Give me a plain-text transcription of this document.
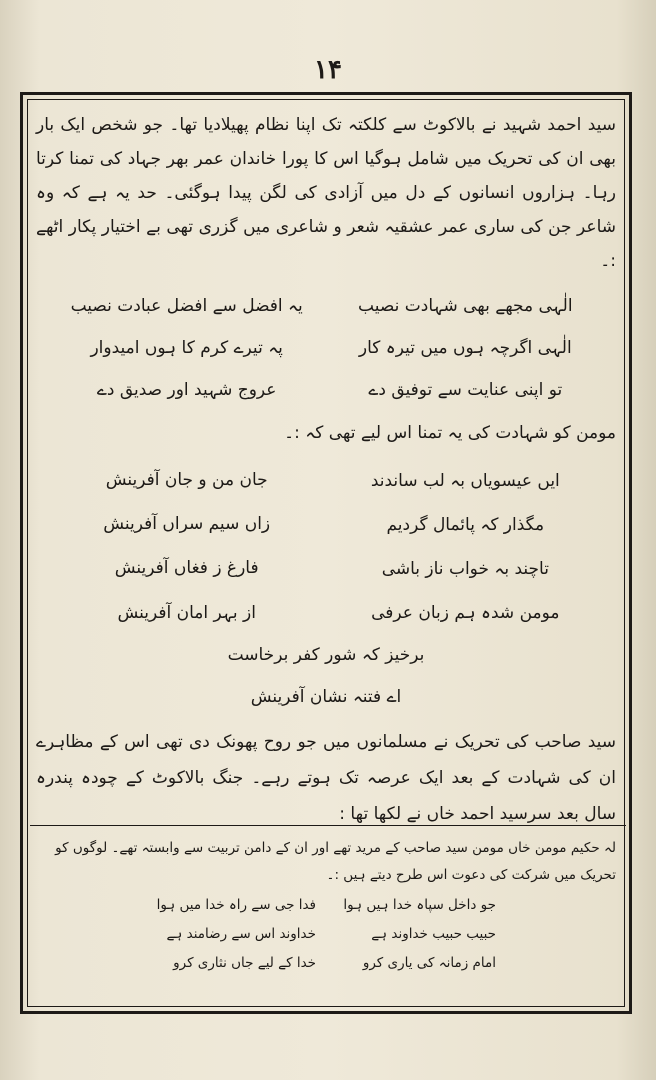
۱۴

سید احمد شہید نے بالاکوٹ سے کلکتہ تک اپنا نظام پھیلادیا تھا۔ جو شخص ایک بار بھی ان کی تحریک میں شامل ہوگیا اس کا پورا خاندان عمر بھر جہاد کی تمنا کرتا رہا۔ ہزاروں انسانوں کے دل میں آزادی کی لگن پیدا ہوگئی۔ حد یہ ہے کہ وہ شاعر جن کی ساری عمر عشقیہ شعر و شاعری میں گزری تھی بے اختیار پکار اٹھے :۔

الٰہی مجھے بھی شہادت نصیب
یہ افضل سے افضل عبادت نصیب
الٰہی اگرچہ ہوں میں تیرہ کار
پہ تیرے کرم کا ہوں امیدوار
تو اپنی عنایت سے توفیق دے
عروج شہید اور صدیق دے

مومن کو شہادت کی یہ تمنا اس لیے تھی کہ :۔

ایں عیسویاں بہ لب ساندند
جان من و جان آفرینش
مگذار کہ پائمال گردیم
زاں سیم سراں آفرینش
تاچند بہ خواب ناز باشی
فارغ ز فغاں آفرینش
مومن شدہ ہم زبان عرفی
از بہر امان آفرینش
برخیز کہ شور کفر برخاست
اے فتنہ نشان آفرینش

سید صاحب کی تحریک نے مسلمانوں میں جو روح پھونک دی تھی اس کے مظاہرے ان کی شہادت کے بعد ایک عرصہ تک ہوتے رہے۔ جنگ بالاکوٹ کے چودہ پندرہ سال بعد سرسید احمد خاں نے لکھا تھا :

لہ حکیم مومن خاں مومن سید صاحب کے مرید تھے اور ان کے دامن تربیت سے وابستہ تھے۔ لوگوں کو تحریک میں شرکت کی دعوت اس طرح دیتے ہیں :۔

جو داخل سپاہ خدا ہیں ہوا
فدا جی سے راہ خدا میں ہوا
حبیب حبیب خداوند ہے
خداوند اس سے رضامند ہے
امام زمانہ کی یاری کرو
خدا کے لیے جاں نثاری کرو
